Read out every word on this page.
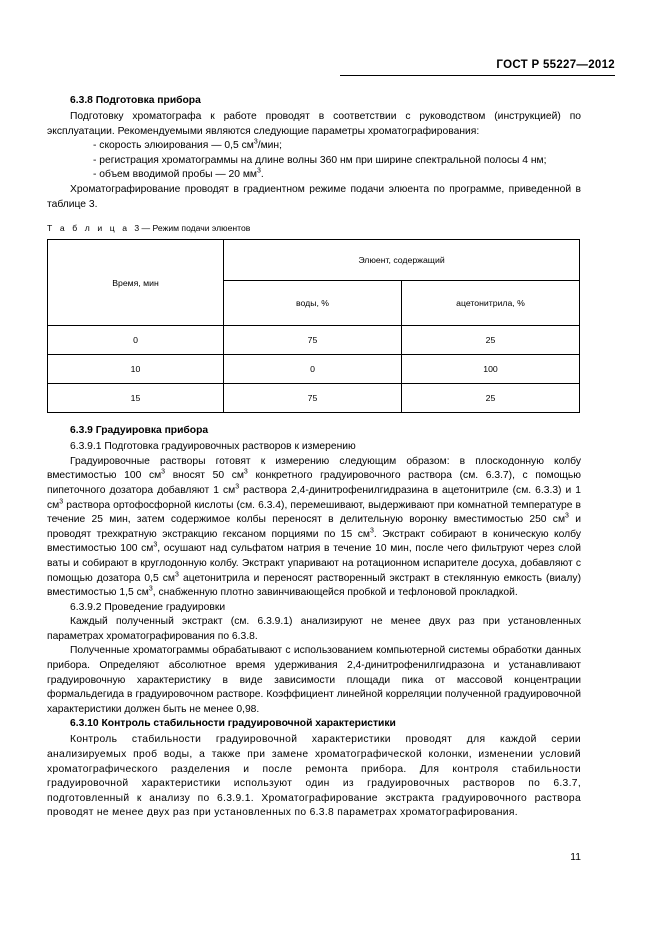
ГОСТ Р 55227—2012
6.3.8 Подготовка прибора

Подготовку хроматографа к работе проводят в соответствии с руководством (инструкцией) по эксплуатации. Рекомендуемыми являются следующие параметры хроматографирования:

- скорость элюирования — 0,5 $см^3$/мин;

- регистрация хроматограммы на длине волны 360 нм при ширине спектральной полосы 4 нм;

- объем вводимой пробы — 20 $мм^3$.

Хроматографирование проводят в градиентном режиме подачи элюента по программе, приведенной в таблице 3.

Т а б л и ц а 3 — Режим подачи элюентов

Время, мин	Элюент, содержащий	
	воды, %	ацетонитрила, %
0	75	25
10	0	100
15	75	25
6.3.9 Градуировка прибора
6.3.9.1 Подготовка градуировочных растворов к измерению

Градуировочные растворы готовят к измерению следующим образом: в плоскодонную колбу вместимостью 100 $см^3$ вносят 50 $см^3$ конкретного градуировочного раствора (см. 6.3.7), с помощью пипеточного дозатора добавляют 1 $см^3$ раствора 2,4-динитрофенилгидразина в ацетонитриле (см. 6.3.3) и 1 $см^3$ раствора ортофосфорной кислоты (см. 6.3.4), перемешивают, выдерживают при комнатной температуре в течение 25 мин, затем содержимое колбы переносят в делительную воронку вместимостью 250 $см^3$ и проводят трехкратную экстракцию гексаном порциями по 15 $см^3$. Экстракт собирают в коническую колбу вместимостью 100 $см^3$, осушают над сульфатом натрия в течение 10 мин, после чего фильтруют через слой ваты и собирают в круглодонную колбу. Экстракт упаривают на ротационном испарителе досуха, добавляют с помощью дозатора 0,5 $см^3$ ацетонитрила и переносят растворенный экстракт в стеклянную емкость (виалу) вместимостью 1,5 $см^3$, снабженную плотно завинчивающейся пробкой и тефлоновой прокладкой.

6.3.9.2 Проведение градуировки

Каждый полученный экстракт (см. 6.3.9.1) анализируют не менее двух раз при установленных параметрах хроматографирования по 6.3.8.

Полученные хроматограммы обрабатывают с использованием компьютерной системы обработки данных прибора. Определяют абсолютное время удерживания 2,4-динитрофенилгидразона и устанавливают градуировочную характеристику в виде зависимости площади пика от массовой концентрации формальдегида в градуировочном растворе. Коэффициент линейной корреляции полученной градуировочной характеристики должен быть не менее 0,98.

6.3.10 Контроль стабильности градуировочной характеристики

Контроль стабильности градуировочной характеристики проводят для каждой серии анализируемых проб воды, а также при замене хроматографической колонки, изменении условий хроматографического разделения и после ремонта прибора. Для контроля стабильности градуировочной характеристики используют один из градуировочных растворов по 6.3.7, подготовленный к анализу по 6.3.9.1. Хроматографирование экстракта градуировочного раствора проводят не менее двух раз при установленных по 6.3.8 параметрах хроматографирования.

11
